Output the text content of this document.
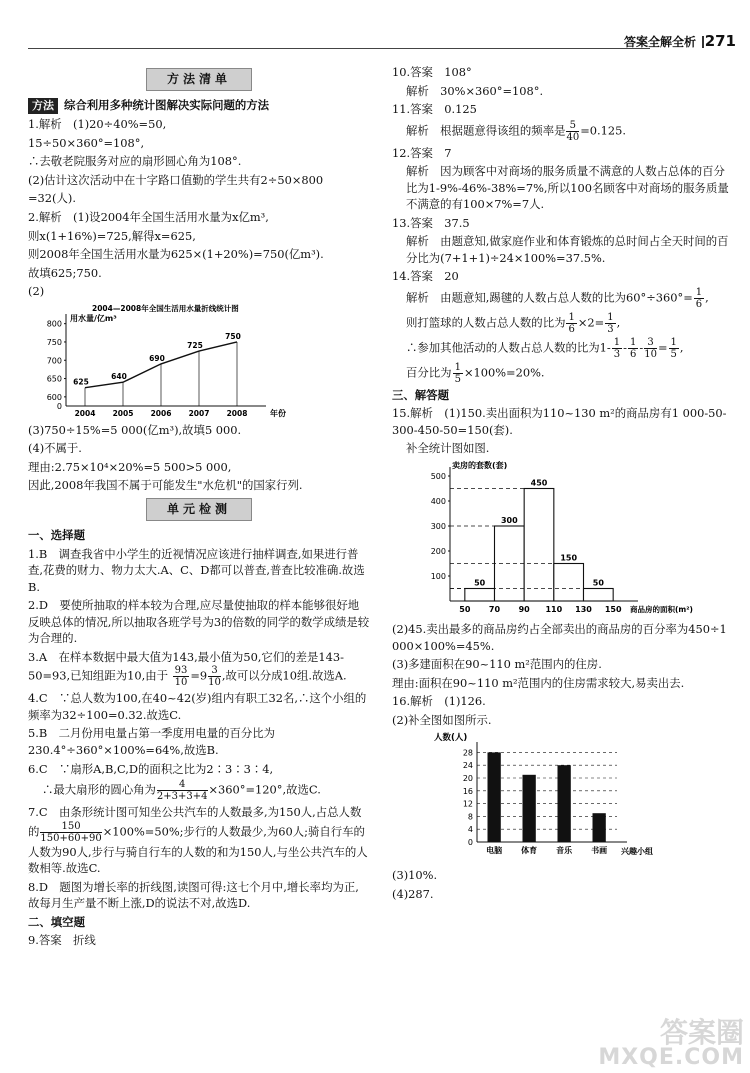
答案全解全析 271
方法清单
方法 综合利用多种统计图解决实际问题的方法
1.解析　(1)20÷40%=50,
15÷50×360°=108°,
∴去敬老院服务对应的扇形圆心角为108°.
(2)估计这次活动中在十字路口值勤的学生共有2÷50×800
=32(人).
2.解析　(1)设2004年全国生活用水量为x亿m³,
则x(1+16%)=725,解得x=625,
则2008年全国生活用水量为625×(1+20%)=750(亿m³).
故填625;750.
(2)
2004—2008年全国生活用水量折线统计图
用水量/亿m³
600
650
700
750
800
0
2004
625
2005
640
2006
690
2007
725
2008
750
年份
(3)750÷15%=5 000(亿m³),故填5 000.
(4)不属于.
理由:2.75×10⁴×20%=5 500>5 000,
因此,2008年我国不属于可能发生"水危机"的国家行列.
单元检测
一、选择题
1.B　调查我省中小学生的近视情况应该进行抽样调查,如果进行普查,花费的财力、物力太大.A、C、D都可以普查,普查比较准确.故选B.
2.D　要使所抽取的样本较为合理,应尽量使抽取的样本能够很好地反映总体的情况,所以抽取各班学号为3的倍数的同学的数学成绩是较为合理的.
3.A　在样本数据中最大值为143,最小值为50,它们的差是143-50=93,已知组距为10,由于 $\frac{93}{10} =9 \frac{3}{10}$ ,故可以分成10组.故选A.
4.C　∵总人数为100,在40~42(岁)组内有职工32名,∴这个小组的频率为32÷100=0.32.故选C.
5.B　二月份用电量占第一季度用电量的百分比为230.4°÷360°×100%=64%,故选B.
6.C　∵扇形A,B,C,D的面积之比为2∶3∶3∶4,
∴最大扇形的圆心角为 $\frac{4}{2+3+3+4} \times 360^\circ=120^\circ$,故选C.
7.C　由条形统计图可知坐公共汽车的人数最多,为150人,占总人数的 $\frac{150}{150+60+90} \times 100\%=50\%$;步行的人数最少,为60人;骑自行车的人数为90人,步行与骑自行车的人数的和为150人,与坐公共汽车的人数相等.故选C.
8.D　题图为增长率的折线图,读图可得:这七个月中,增长率均为正,故每月生产量不断上涨,D的说法不对,故选D.
二、填空题
9.答案　折线
10.答案　108°
解析　30%×360°=108°.
11.答案　0.125
解析　根据题意得该组的频率是 $\frac{5}{40} =0.125$.
12.答案　7
解析　因为顾客中对商场的服务质量不满意的人数占总体的百分比为1-9%-46%-38%=7%,所以100名顾客中对商场的服务质量不满意的有100×7%=7人.
13.答案　37.5
解析　由题意知,做家庭作业和体育锻炼的总时间占全天时间的百分比为(7+1+1)÷24×100%=37.5%.
14.答案　20
解析　由题意知,踢毽的人数占总人数的比为$60^\circ\div 360^\circ= \frac{1}{6}$ ,
则打篮球的人数占总人数的比为 $\frac{1}{6} \times 2= \frac{1}{3}$ ,
∴参加其他活动的人数占总人数的比为$1- \frac{1}{3} - \frac{1}{6} - \frac{3}{10} = \frac{1}{5}$ ,
百分比为 $\frac{1}{5} \times 100\%=20\%$.
三、解答题
15.解析　(1)150.卖出面积为110~130 m²的商品房有1 000-50-300-450-50=150(套).
补全统计图如图.
卖房的套数(套)
100
200
300
400
500
50
300
450
150
50
50 70 90 110 130 150 商品房的面积(m²)
(2)45.卖出最多的商品房约占全部卖出的商品房的百分率为450÷1 000×100%=45%.
(3)多建面积在90~110 m²范围内的住房.
理由:面积在90~110 m²范围内的住房需求较大,易卖出去.
16.解析　(1)126.
(2)补全图如图所示.
人数(人)
0
4
8
12
16
20
24
28
电脑 体育 音乐 书画 兴趣小组
(3)10%.
(4)287.
答案圈
MXQE.COM
